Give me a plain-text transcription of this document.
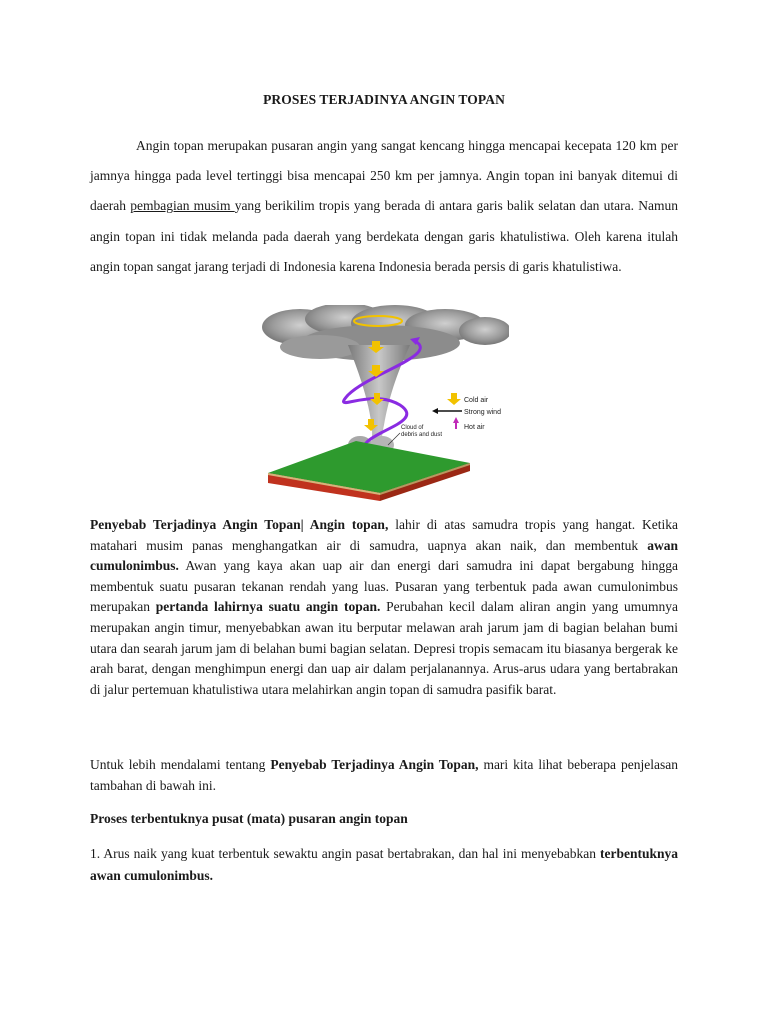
PROSES TERJADINYA ANGIN TOPAN

Angin topan merupakan pusaran angin yang sangat kencang hingga mencapai kecepata 120 km per jamnya hingga pada level tertinggi bisa mencapai 250 km per jamnya. Angin topan ini banyak ditemui di daerah pembagian musim yang berikilim tropis yang berada di antara garis balik selatan dan utara. Namun angin topan ini tidak melanda pada daerah yang berdekata dengan garis khatulistiwa. Oleh karena itulah angin topan sangat jarang terjadi di Indonesia karena Indonesia berada persis di garis khatulistiwa.

Cold air
Strong wind
Hot air
Cloud of
debris and dust

Penyebab Terjadinya Angin Topan| Angin topan, lahir di atas samudra tropis yang hangat. Ketika matahari musim panas menghangatkan air di samudra, uapnya akan naik, dan membentuk awan cumulonimbus. Awan yang kaya akan uap air dan energi dari samudra ini dapat bergabung hingga membentuk suatu pusaran tekanan rendah yang luas. Pusaran yang terbentuk pada awan cumulonimbus merupakan pertanda lahirnya suatu angin topan. Perubahan kecil dalam aliran angin yang umumnya merupakan angin timur, menyebabkan awan itu berputar melawan arah jarum jam di bagian belahan bumi utara dan searah jarum jam di belahan bumi bagian selatan. Depresi tropis semacam itu biasanya bergerak ke arah barat, dengan menghimpun energi dan uap air dalam perjalanannya. Arus-arus udara yang bertabrakan di jalur pertemuan khatulistiwa utara melahirkan angin topan di samudra pasifik barat.

Untuk lebih mendalami tentang Penyebab Terjadinya Angin Topan, mari kita lihat beberapa penjelasan tambahan di bawah ini.

Proses terbentuknya pusat (mata) pusaran angin topan

1. Arus naik yang kuat terbentuk sewaktu angin pasat bertabrakan, dan hal ini menyebabkan terbentuknya awan cumulonimbus.
